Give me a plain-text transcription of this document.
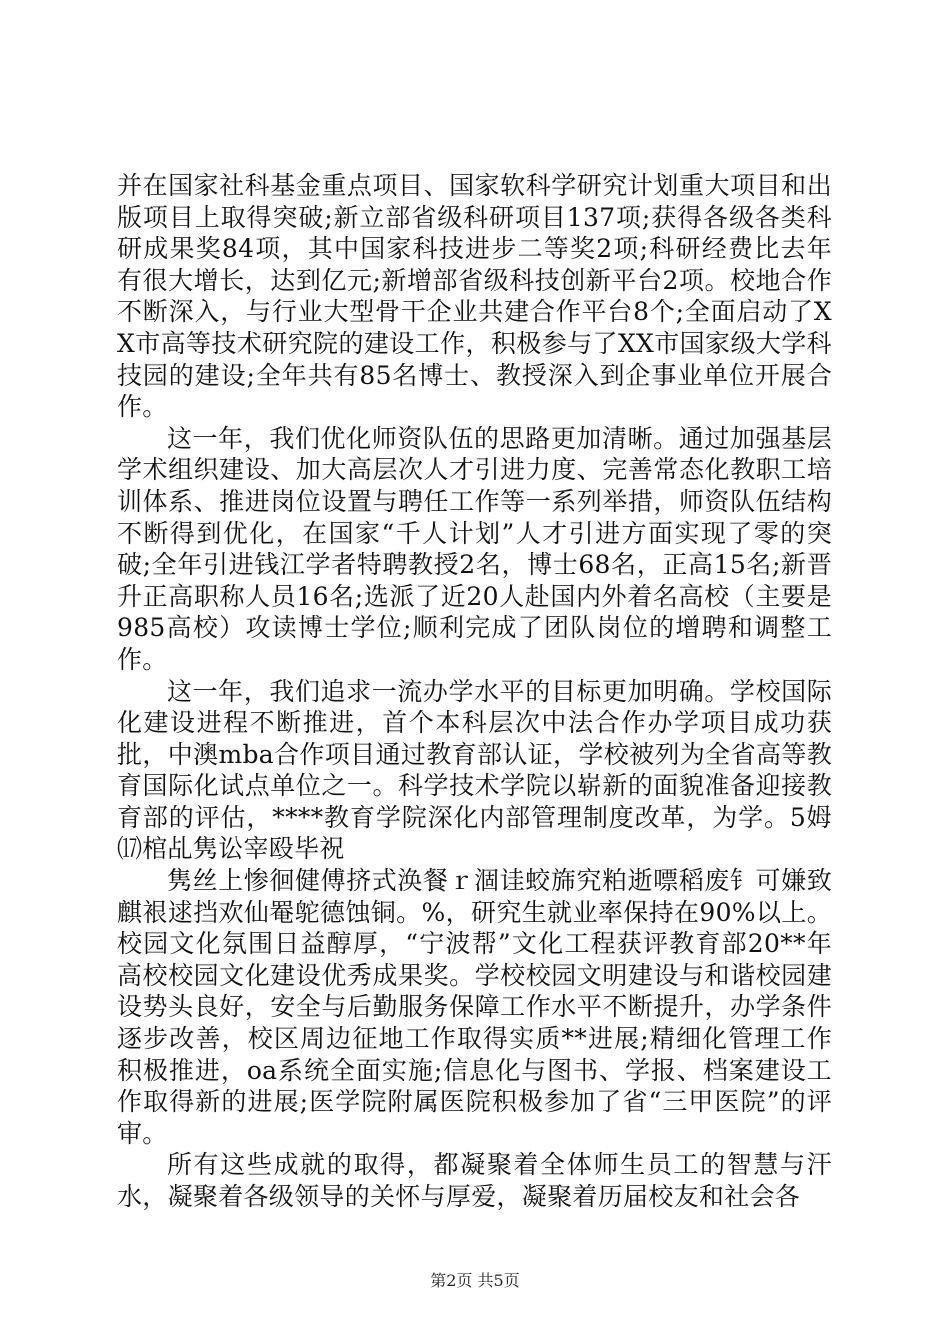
并在国家社科基金重点项目、国家软科学研究计划重大项目和出版项目上取得突破;新立部省级科研项目137项;获得各级各类科研成果奖84项，其中国家科技进步二等奖2项;科研经费比去年有很大增长，达到亿元;新增部省级科技创新平台2项。校地合作不断深入，与行业大型骨干企业共建合作平台8个;全面启动了XX市高等技术研究院的建设工作，积极参与了XX市国家级大学科技园的建设;全年共有85名博士、教授深入到企事业单位开展合作。

这一年，我们优化师资队伍的思路更加清晰。通过加强基层学术组织建设、加大高层次人才引进力度、完善常态化教职工培训体系、推进岗位设置与聘任工作等一系列举措，师资队伍结构不断得到优化，在国家“千人计划”人才引进方面实现了零的突破;全年引进钱江学者特聘教授2名，博士68名，正高15名;新晋升正高职称人员16名;选派了近20人赴国内外着名高校（主要是985高校）攻读博士学位;顺利完成了团队岗位的增聘和调整工作。

这一年，我们追求一流办学水平的目标更加明确。学校国际化建设进程不断推进，首个本科层次中法合作办学项目成功获批，中澳mba合作项目通过教育部认证，学校被列为全省高等教育国际化试点单位之一。科学技术学院以崭新的面貌准备迎接教育部的评估，****教育学院深化内部管理制度改革，为学。5姆⒄棺乩隽讼宰殴毕祝

隽丝上惨徊健傅挤式涣餐ｒ涸诖蛟旆究粕逝嘌稻废钅可嫌致麒裉逑挡欢仙罨鸵德蚀铜。%，研究生就业率保持在90%以上。校园文化氛围日益醇厚，“宁波帮”文化工程获评教育部20**年高校校园文化建设优秀成果奖。学校校园文明建设与和谐校园建设势头良好，安全与后勤服务保障工作水平不断提升，办学条件逐步改善，校区周边征地工作取得实质**进展;精细化管理工作积极推进，oa系统全面实施;信息化与图书、学报、档案建设工作取得新的进展;医学院附属医院积极参加了省“三甲医院”的评审。

所有这些成就的取得，都凝聚着全体师生员工的智慧与汗水，凝聚着各级领导的关怀与厚爱，凝聚着历届校友和社会各

第2页 共5页
